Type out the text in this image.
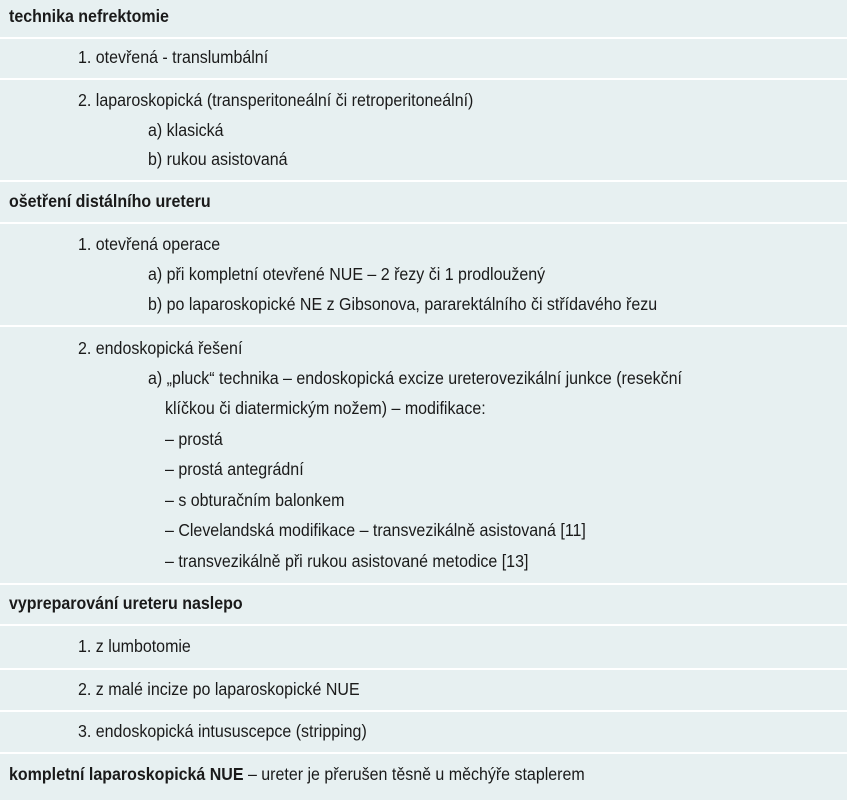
technika nefrektomie
1. otevřená - translumbální
2. laparoskopická (transperitoneální či retroperitoneální)
a) klasická
b) rukou asistovaná
ošetření distálního ureteru
1. otevřená operace
a) při kompletní otevřené NUE – 2 řezy či 1 prodloužený
b) po laparoskopické NE z Gibsonova, pararektálního či střídavého řezu
2. endoskopická řešení
a) „pluck“ technika – endoskopická excize ureterovezikální junkce (resekční
klíčkou či diatermickým nožem) – modifikace:
– prostá
– prostá antegrádní
– s obturačním balonkem
– Clevelandská modifikace – transvezikálně asistovaná [11]
– transvezikálně při rukou asistované metodice [13]
vypreparování ureteru naslepo
1. z lumbotomie
2. z malé incize po laparoskopické NUE
3. endoskopická intususcepce (stripping)
kompletní laparoskopická NUE – ureter je přerušen těsně u měchýře staplerem
